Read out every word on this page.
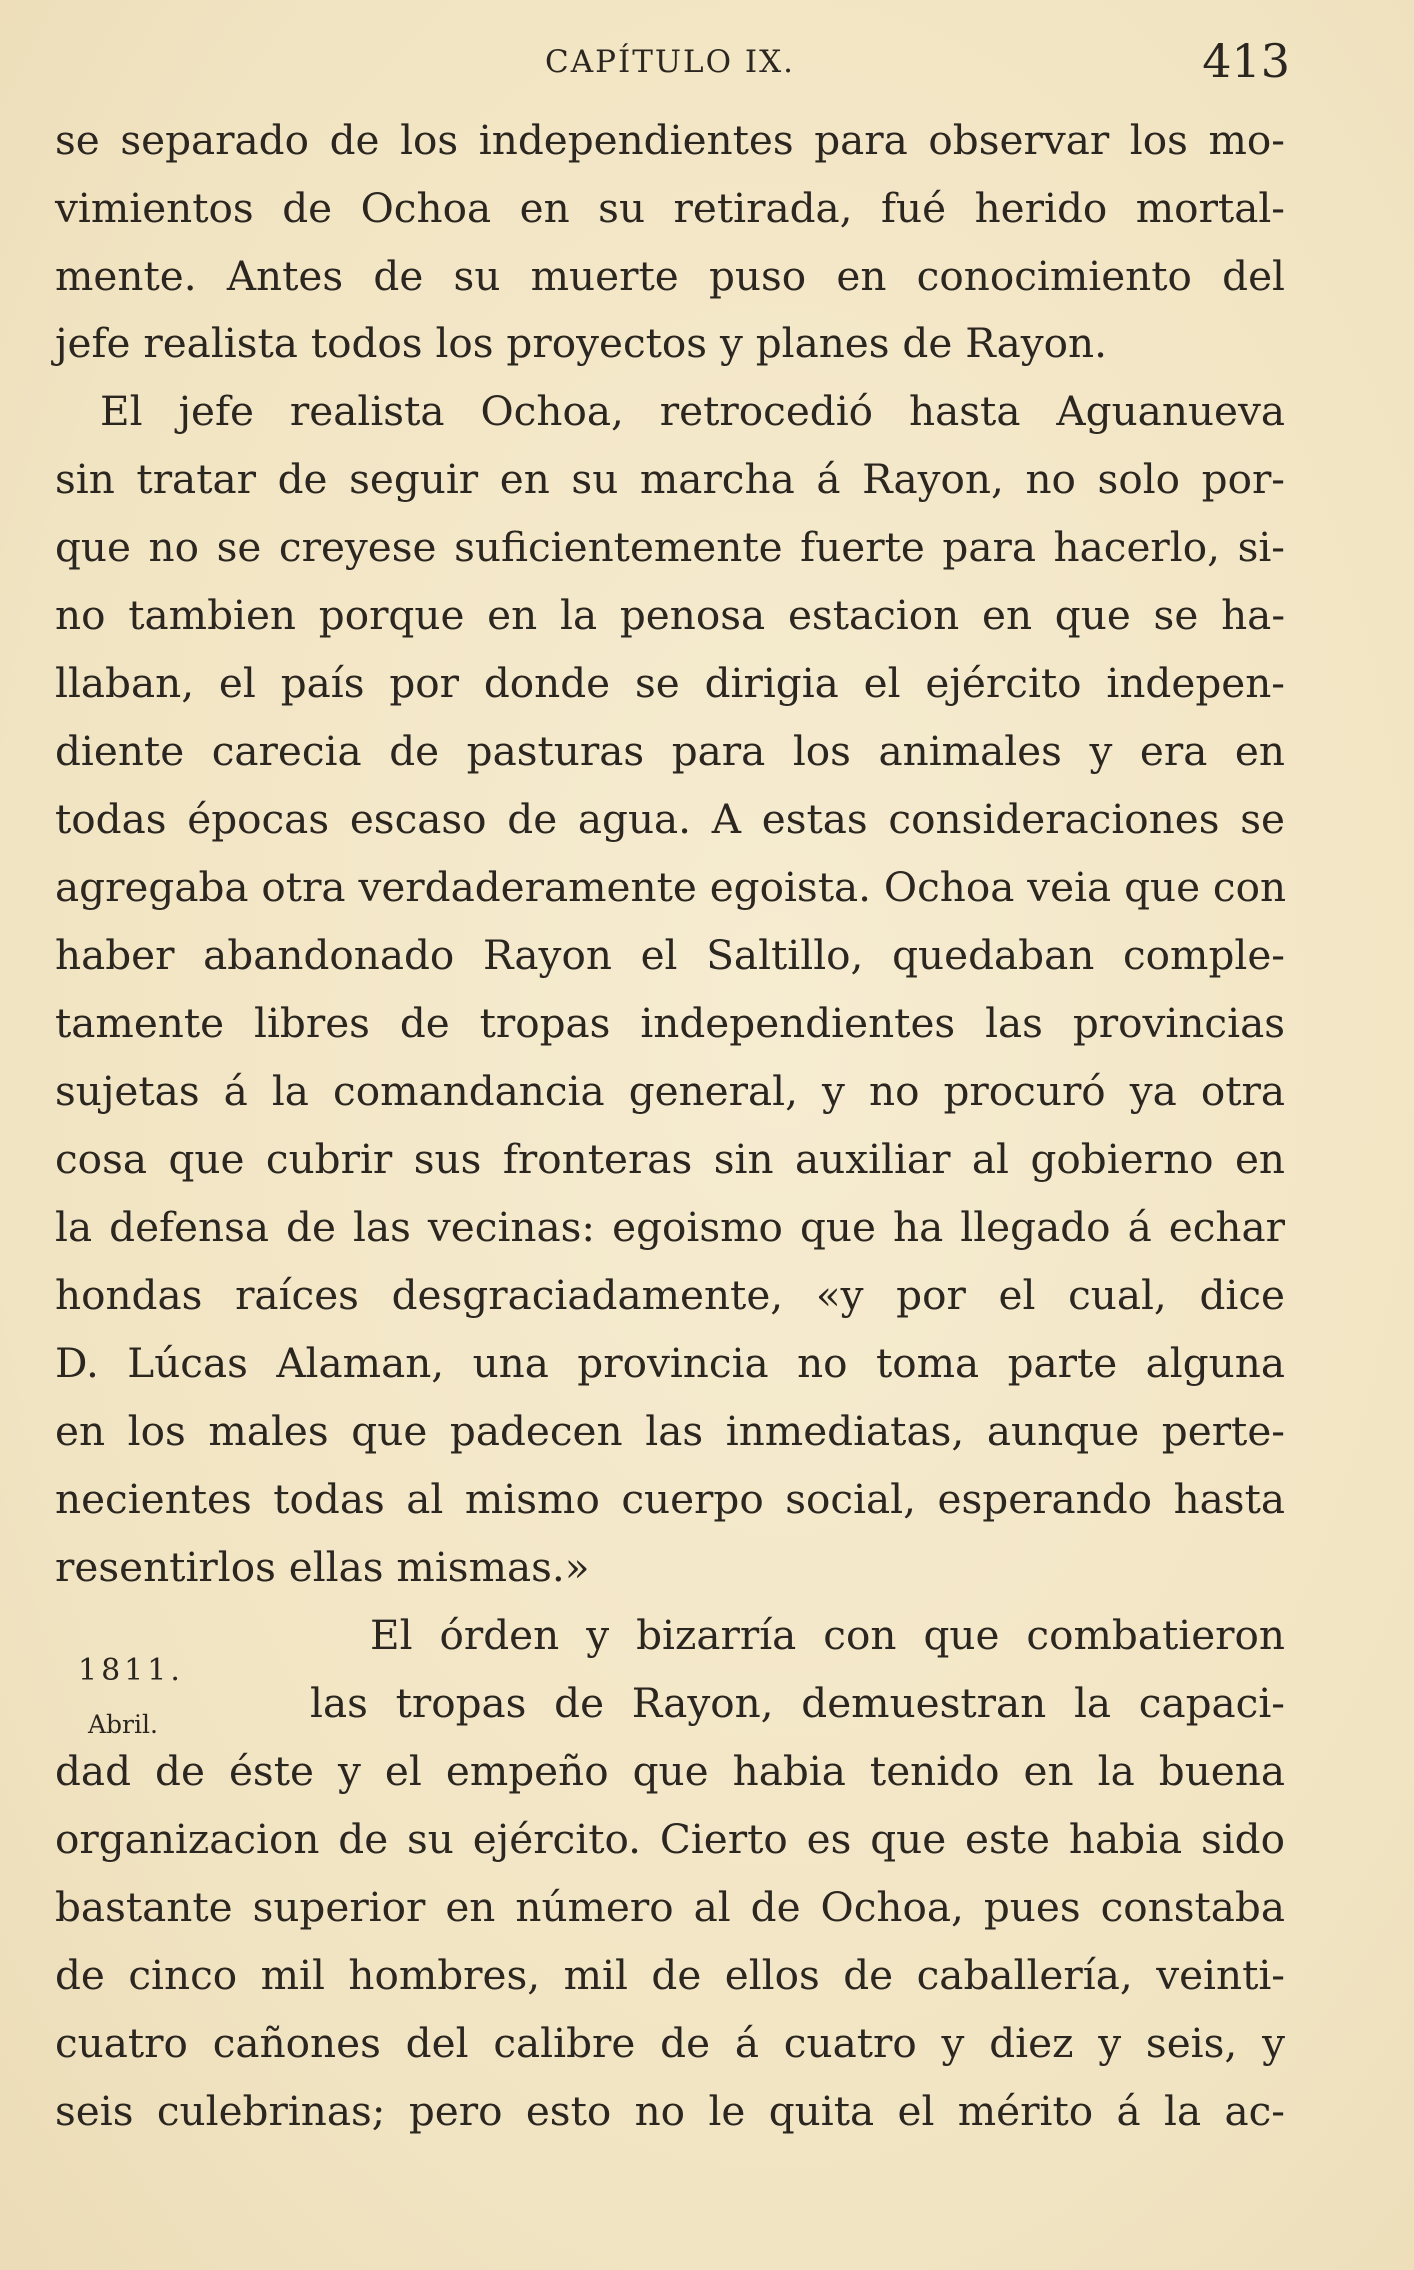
CAPÍTULO IX.	413
1811.
Abril.
se separado de los independientes para observar los mo-
vimientos de Ochoa en su retirada, fué herido mortal-
mente. Antes de su muerte puso en conocimiento del
jefe realista todos los proyectos y planes de Rayon.
El jefe realista Ochoa, retrocedió hasta Aguanueva
sin tratar de seguir en su marcha á Rayon, no solo por-
que no se creyese suficientemente fuerte para hacerlo, si-
no tambien porque en la penosa estacion en que se ha-
llaban, el país por donde se dirigia el ejército indepen-
diente carecia de pasturas para los animales y era en
todas épocas escaso de agua. A estas consideraciones se
agregaba otra verdaderamente egoista. Ochoa veia que con
haber abandonado Rayon el Saltillo, quedaban comple-
tamente libres de tropas independientes las provincias
sujetas á la comandancia general, y no procuró ya otra
cosa que cubrir sus fronteras sin auxiliar al gobierno en
la defensa de las vecinas: egoismo que ha llegado á echar
hondas raíces desgraciadamente, «y por el cual, dice
D. Lúcas Alaman, una provincia no toma parte alguna
en los males que padecen las inmediatas, aunque perte-
necientes todas al mismo cuerpo social, esperando hasta
resentirlos ellas mismas.»
El órden y bizarría con que combatieron
las tropas de Rayon, demuestran la capaci-
dad de éste y el empeño que habia tenido en la buena
organizacion de su ejército. Cierto es que este habia sido
bastante superior en número al de Ochoa, pues constaba
de cinco mil hombres, mil de ellos de caballería, veinti-
cuatro cañones del calibre de á cuatro y diez y seis, y
seis culebrinas; pero esto no le quita el mérito á la ac-
